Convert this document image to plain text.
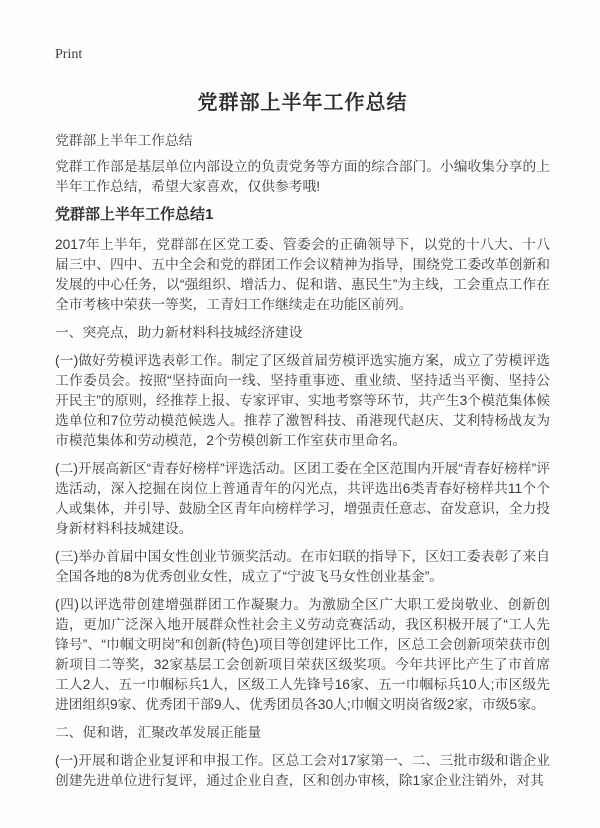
Print
党群部上半年工作总结

党群部上半年工作总结

党群工作部是基层单位内部设立的负责党务等方面的综合部门。小编收集分享的上半年工作总结，希望大家喜欢，仅供参考哦!

党群部上半年工作总结1

2017年上半年，党群部在区党工委、管委会的正确领导下，以党的十八大、十八届三中、四中、五中全会和党的群团工作会议精神为指导，围绕党工委改革创新和发展的中心任务，以“强组织、增活力、促和谐、惠民生”为主线，工会重点工作在全市考核中荣获一等奖，工青妇工作继续走在功能区前列。

一、突亮点，助力新材料科技城经济建设

(一)做好劳模评选表彰工作。制定了区级首届劳模评选实施方案，成立了劳模评选工作委员会。按照“坚持面向一线、坚持重事迹、重业绩、坚持适当平衡、坚持公开民主”的原则，经推荐上报、专家评审、实地考察等环节，共产生3个模范集体候选单位和7位劳动模范候选人。推荐了激智科技、甬港现代赵庆、艾利特杨战友为市模范集体和劳动模范，2个劳模创新工作室获市里命名。

(二)开展高新区“青春好榜样”评选活动。区团工委在全区范围内开展“青春好榜样”评选活动，深入挖掘在岗位上普通青年的闪光点，共评选出6类青春好榜样共11个个人或集体，并引导、鼓励全区青年向榜样学习，增强责任意志、奋发意识，全力投身新材料科技城建设。

(三)举办首届中国女性创业节颁奖活动。在市妇联的指导下，区妇工委表彰了来自全国各地的8为优秀创业女性，成立了“宁波飞马女性创业基金”。

(四)以评选带创建增强群团工作凝聚力。为激励全区广大职工爱岗敬业、创新创造，更加广泛深入地开展群众性社会主义劳动竞赛活动，我区积极开展了“工人先锋号”、“巾帼文明岗”和创新(特色)项目等创建评比工作，区总工会创新项荣获市创新项目二等奖，32家基层工会创新项目荣获区级奖项。今年共评比产生了市首席工人2人、五一巾帼标兵1人，区级工人先锋号16家、五一巾帼标兵10人;市区级先进团组织9家、优秀团干部9人、优秀团员各30人;巾帼文明岗省级2家，市级5家。

二、促和谐，汇聚改革发展正能量

(一)开展和谐企业复评和申报工作。区总工会对17家第一、二、三批市级和谐企业创建先进单位进行复评，通过企业自查，区和创办审核，除1家企业注销外，对其
